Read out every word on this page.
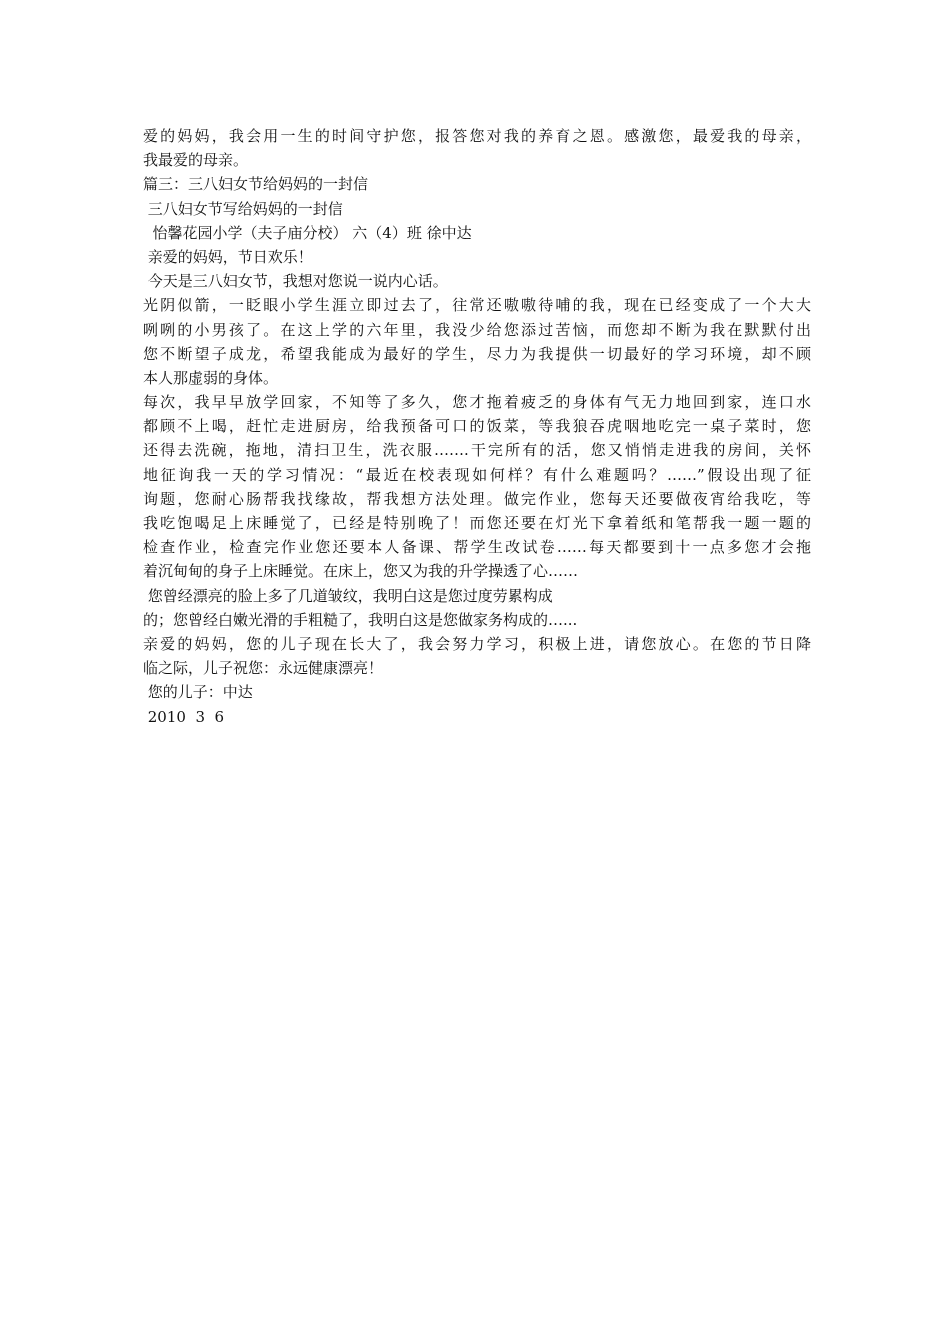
爱的妈妈，我会用一生的时间守护您，报答您对我的养育之恩。感激您，最爱我的母亲，
我最爱的母亲。
篇三：三八妇女节给妈妈的一封信
三八妇女节写给妈妈的一封信
怡馨花园小学（夫子庙分校） 六（4）班 徐中达
亲爱的妈妈，节日欢乐！
今天是三八妇女节，我想对您说一说内心话。
光阴似箭，一眨眼小学生涯立即过去了，往常还嗷嗷待哺的我，现在已经变成了一个大大
咧咧的小男孩了。在这上学的六年里，我没少给您添过苦恼，而您却不断为我在默默付出
您不断望子成龙，希望我能成为最好的学生，尽力为我提供一切最好的学习环境，却不顾
本人那虚弱的身体。
每次，我早早放学回家，不知等了多久，您才拖着疲乏的身体有气无力地回到家，连口水
都顾不上喝，赶忙走进厨房，给我预备可口的饭菜，等我狼吞虎咽地吃完一桌子菜时，您
还得去洗碗，拖地，清扫卫生，洗衣服…….干完所有的活，您又悄悄走进我的房间，关怀
地征询我一天的学习情况：“最近在校表现如何样？有什么难题吗？……”假设出现了征
询题，您耐心肠帮我找缘故，帮我想方法处理。做完作业，您每天还要做夜宵给我吃，等
我吃饱喝足上床睡觉了，已经是特别晚了！而您还要在灯光下拿着纸和笔帮我一题一题的
检查作业，检查完作业您还要本人备课、帮学生改试卷……每天都要到十一点多您才会拖
着沉甸甸的身子上床睡觉。在床上，您又为我的升学操透了心……
您曾经漂亮的脸上多了几道皱纹，我明白这是您过度劳累构成
的；您曾经白嫩光滑的手粗糙了，我明白这是您做家务构成的…...
亲爱的妈妈，您的儿子现在长大了，我会努力学习，积极上进，请您放心。在您的节日降
临之际，儿子祝您：永远健康漂亮！
您的儿子：中达
2010  3  6
